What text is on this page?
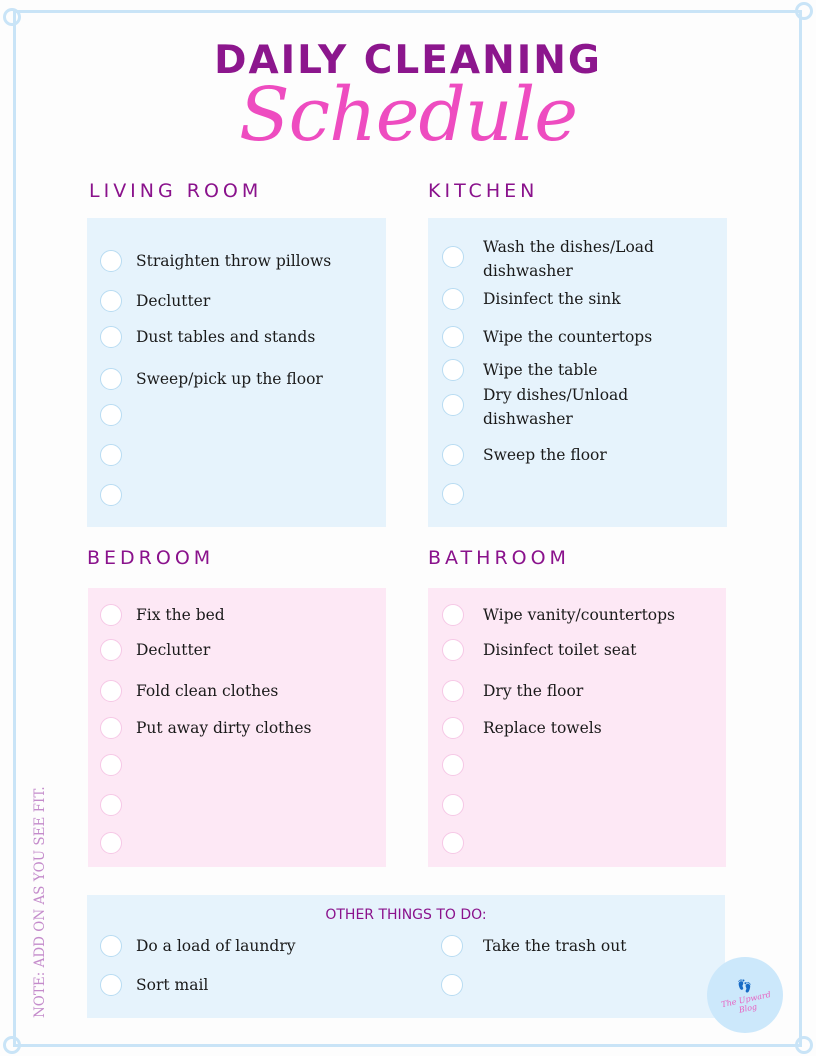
DAILY CLEANING
Schedule
LIVING ROOM
Straighten throw pillows
Declutter
Dust tables and stands
Sweep/pick up the floor
KITCHEN
Wash the dishes/Load
dishwasher
Disinfect the sink
Wipe the countertops
Wipe the table
Dry dishes/Unload
dishwasher
Sweep the floor
BEDROOM
Fix the bed
Declutter
Fold clean clothes
Put away dirty clothes
BATHROOM
Wipe vanity/countertops
Disinfect toilet seat
Dry the floor
Replace towels
OTHER THINGS TO DO:
Do a load of laundry
Sort mail
Take the trash out
NOTE: ADD ON AS YOU SEE FIT.	👣
The Upward Blog
